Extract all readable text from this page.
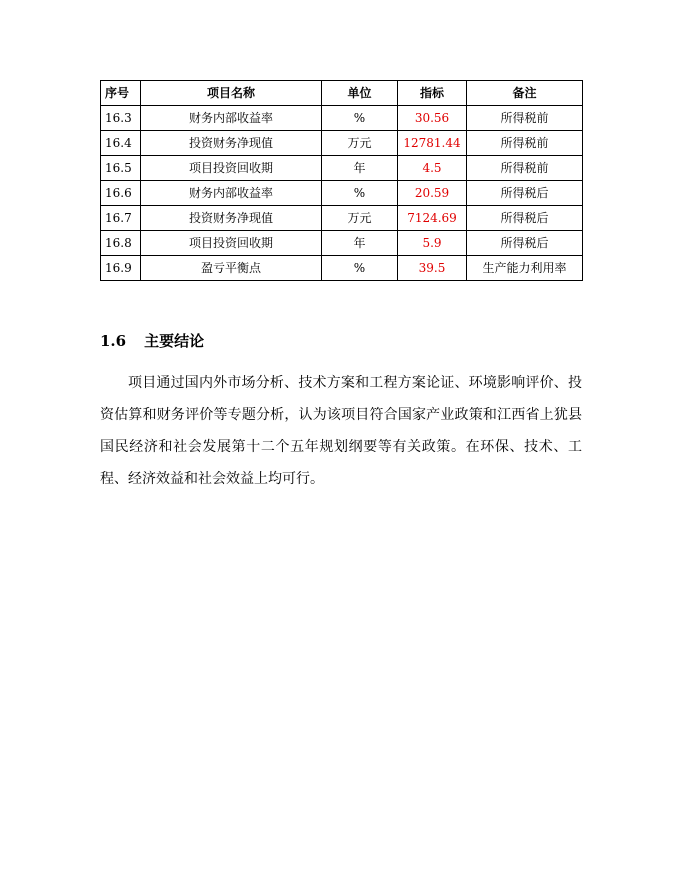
序号	项目名称	单位	指标	备注
16.3	财务内部收益率	%	30.56	所得税前
16.4	投资财务净现值	万元	12781.44	所得税前
16.5	项目投资回收期	年	4.5	所得税前
16.6	财务内部收益率	%	20.59	所得税后
16.7	投资财务净现值	万元	7124.69	所得税后
16.8	项目投资回收期	年	5.9	所得税后
16.9	盈亏平衡点	%	39.5	生产能力利用率
1.6 主要结论

项目通过国内外市场分析、技术方案和工程方案论证、环境影响评价、投资估算和财务评价等专题分析，认为该项目符合国家产业政策和江西省上犹县国民经济和社会发展第十二个五年规划纲要等有关政策。在环保、技术、工程、经济效益和社会效益上均可行。
